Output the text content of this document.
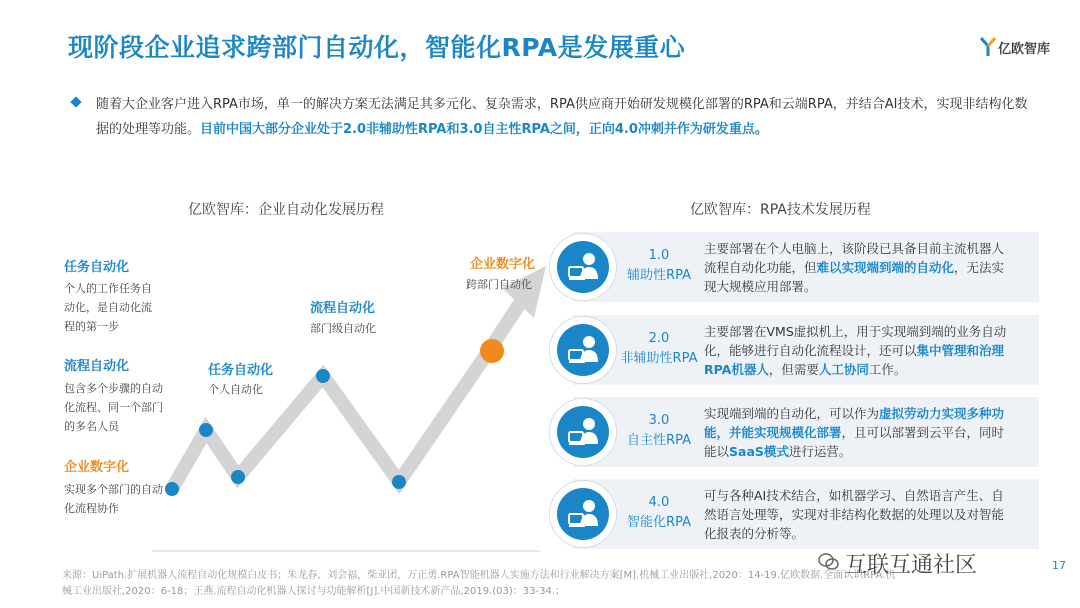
现阶段企业追求跨部门自动化，智能化RPA是发展重心	亿欧智库
随着大企业客户进入RPA市场，单一的解决方案无法满足其多元化、复杂需求，RPA供应商开始研发规模化部署的RPA和云端RPA，并结合AI技术，实现非结构化数据的处理等功能。目前中国大部分企业处于2.0非辅助性RPA和3.0自主性RPA之间，正向4.0冲刺并作为研发重点。
亿欧智库：企业自动化发展历程	亿欧智库：RPA技术发展历程
任务自动化
个人的工作任务自动化，是自动化流程的第一步
流程自动化
包含多个步骤的自动化流程、同一个部门的多名人员
企业数字化
实现多个部门的自动化流程协作
任务自动化
个人自动化
流程自动化
部门级自动化
企业数字化
跨部门自动化
1.0
辅助性RPA
主要部署在个人电脑上，该阶段已具备目前主流机器人流程自动化功能，但难以实现端到端的自动化，无法实现大规模应用部署。
2.0
非辅助性RPA
主要部署在VMS虚拟机上，用于实现端到端的业务自动化，能够进行自动化流程设计，还可以集中管理和治理RPA机器人，但需要人工协同工作。
3.0
自主性RPA
实现端到端的自动化，可以作为虚拟劳动力实现多种功能，并能实现规模化部署，且可以部署到云平台，同时能以SaaS模式进行运营。
4.0
智能化RPA
可与各种AI技术结合，如机器学习、自然语言产生、自然语言处理等，实现对非结构化数据的处理以及对智能化报表的分析等。
来源：UiPath.扩展机器人流程自动化规模白皮书；朱龙春，刘会福，柴亚团，万正勇.RPA智能机器人实施方法和行业解决方案[M].机械工业出版社,2020：14-19.亿欧数据.全面认识RPA.机械工业出版社,2020：6-18；王燕.流程自动化机器人探讨与功能解析[J].中国新技术新产品,2019.(03)：33-34.；
互联互通社区	17
